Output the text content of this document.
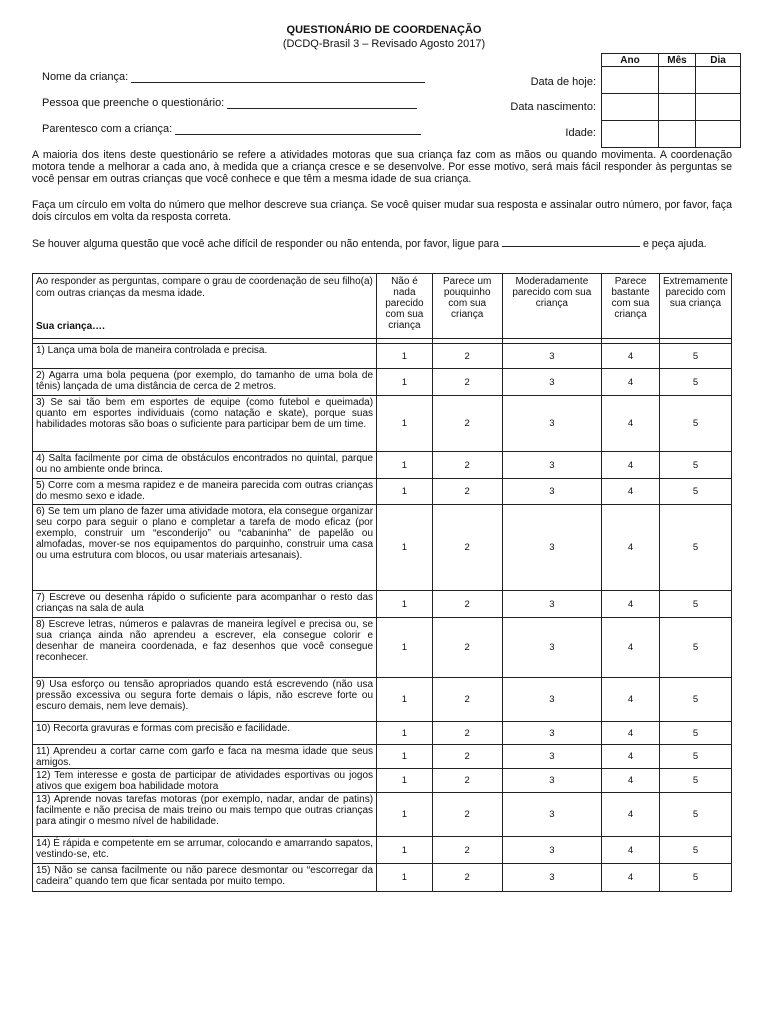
QUESTIONÁRIO DE COORDENAÇÃO
(DCDQ-Brasil 3 – Revisado Agosto 2017)
Nome da criança:
Pessoa que preenche o questionário:
Parentesco com a criança:
Data de hoje:
Data nascimento:
Idade:
Ano	Mês	Dia

A maioria dos itens deste questionário se refere a atividades motoras que sua criança faz com as mãos ou quando movimenta. A coordenação motora tende a melhorar a cada ano, à medida que a criança cresce e se desenvolve. Por esse motivo, será mais fácil responder às perguntas se você pensar em outras crianças que você conhece e que têm a mesma idade de sua criança.
Faça um círculo em volta do número que melhor descreve sua criança. Se você quiser mudar sua resposta e assinalar outro número, por favor, faça dois círculos em volta da resposta correta.
Se houver alguma questão que você ache difícil de responder ou não entenda, por favor, ligue para	e peça ajuda.
Ao responder as perguntas, compare o grau de coordenação de seu filho(a) com outras crianças da mesma idade.
Sua criança….	Não é nada parecido com sua criança	Parece um pouquinho com sua criança	Moderadamente parecido com sua criança	Parece bastante com sua criança	Extremamente parecido com sua criança

1) Lança uma bola de maneira controlada e precisa.	1	2	3	4	5
2) Agarra uma bola pequena (por exemplo, do tamanho de uma bola de tênis) lançada de uma distância de cerca de 2 metros.	1	2	3	4	5
3) Se sai tão bem em esportes de equipe (como futebol e queimada) quanto em esportes individuais (como natação e skate), porque suas habilidades motoras são boas o suficiente para participar bem de um time.	1	2	3	4	5
4) Salta facilmente por cima de obstáculos encontrados no quintal, parque ou no ambiente onde brinca.	1	2	3	4	5
5) Corre com a mesma rapidez e de maneira parecida com outras crianças do mesmo sexo e idade.	1	2	3	4	5
6) Se tem um plano de fazer uma atividade motora, ela consegue organizar seu corpo para seguir o plano e completar a tarefa de modo eficaz (por exemplo, construir um “esconderijo” ou “cabaninha” de papelão ou almofadas, mover-se nos equipamentos do parquinho, construir uma casa ou uma estrutura com blocos, ou usar materiais artesanais).	1	2	3	4	5
7) Escreve ou desenha rápido o suficiente para acompanhar o resto das crianças na sala de aula	1	2	3	4	5
8) Escreve letras, números e palavras de maneira legível e precisa ou, se sua criança ainda não aprendeu a escrever, ela consegue colorir e desenhar de maneira coordenada, e faz desenhos que você consegue reconhecer.	1	2	3	4	5
9) Usa esforço ou tensão apropriados quando está escrevendo (não usa pressão excessiva ou segura forte demais o lápis, não escreve forte ou escuro demais, nem leve demais).	1	2	3	4	5
10) Recorta gravuras e formas com precisão e facilidade.	1	2	3	4	5
11) Aprendeu a cortar carne com garfo e faca na mesma idade que seus amigos.	1	2	3	4	5
12) Tem interesse e gosta de participar de atividades esportivas ou jogos ativos que exigem boa habilidade motora	1	2	3	4	5
13) Aprende novas tarefas motoras (por exemplo, nadar, andar de patins) facilmente e não precisa de mais treino ou mais tempo que outras crianças para atingir o mesmo nível de habilidade.	1	2	3	4	5
14) É rápida e competente em se arrumar, colocando e amarrando sapatos, vestindo-se, etc.	1	2	3	4	5
15) Não se cansa facilmente ou não parece desmontar ou “escorregar da cadeira” quando tem que ficar sentada por muito tempo.	1	2	3	4	5
